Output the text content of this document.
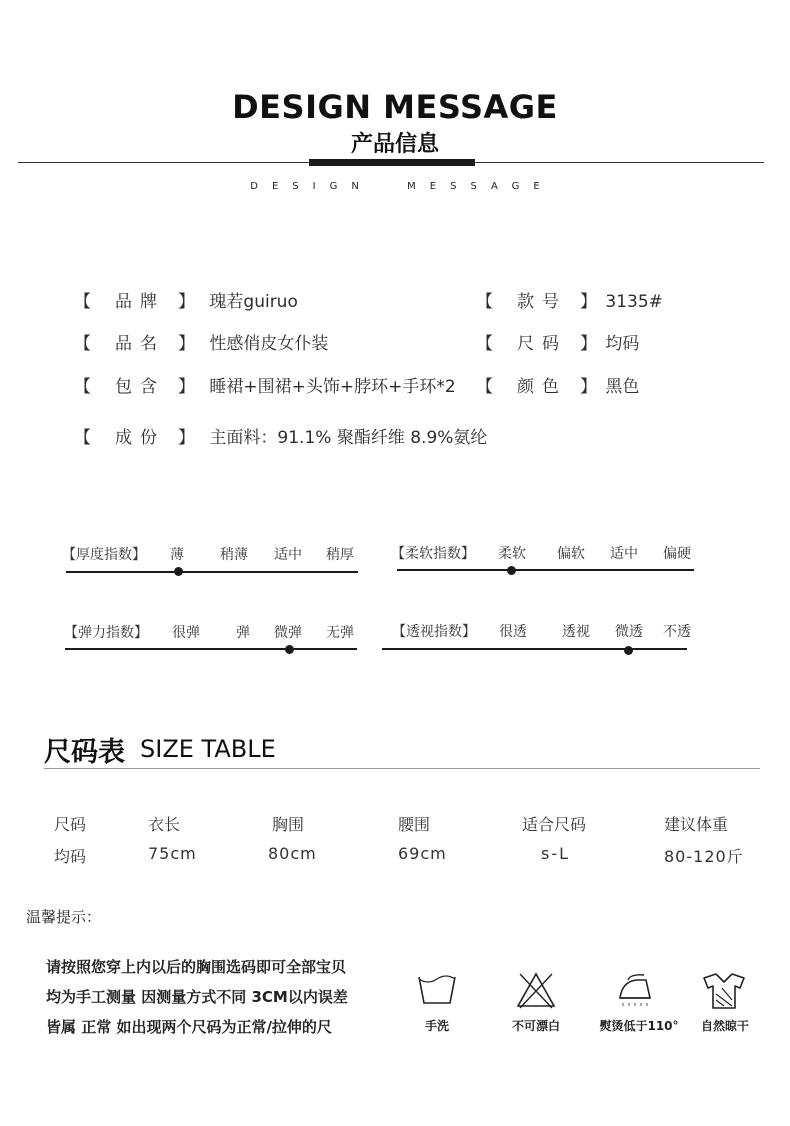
DESIGN MESSAGE
产品信息
DESIGN  MESSAGE
【 品牌 】 瑰若guiruo	【 款号 】 3135#
【 品名 】 性感俏皮女仆装	【 尺码 】 均码
【 包含 】 睡裙+围裙+头饰+脖环+手环*2 【 颜色 】 黑色
【 成份 】 主面料：91.1% 聚酯纤维 8.9%氨纶
【厚度指数】 薄	稍薄 适中 稍厚	【柔软指数】 柔软 偏软 适中 偏硬
【弹力指数】 很弹	弹 微弹 无弹	【透视指数】 很透	透视 微透 不透
尺码表 SIZE TABLE
尺码	衣长	胸围	腰围	适合尺码	建议体重
均码	75cm	80cm	69cm	s-L	80-120斤
温馨提示：
请按照您穿上内以后的胸围选码即可全部宝贝
均为手工测量 因测量方式不同 3CM以内误差
皆属 正常 如出现两个尺码为正常/拉伸的尺	手洗	不可漂白	熨烫低于110°	自然晾干
